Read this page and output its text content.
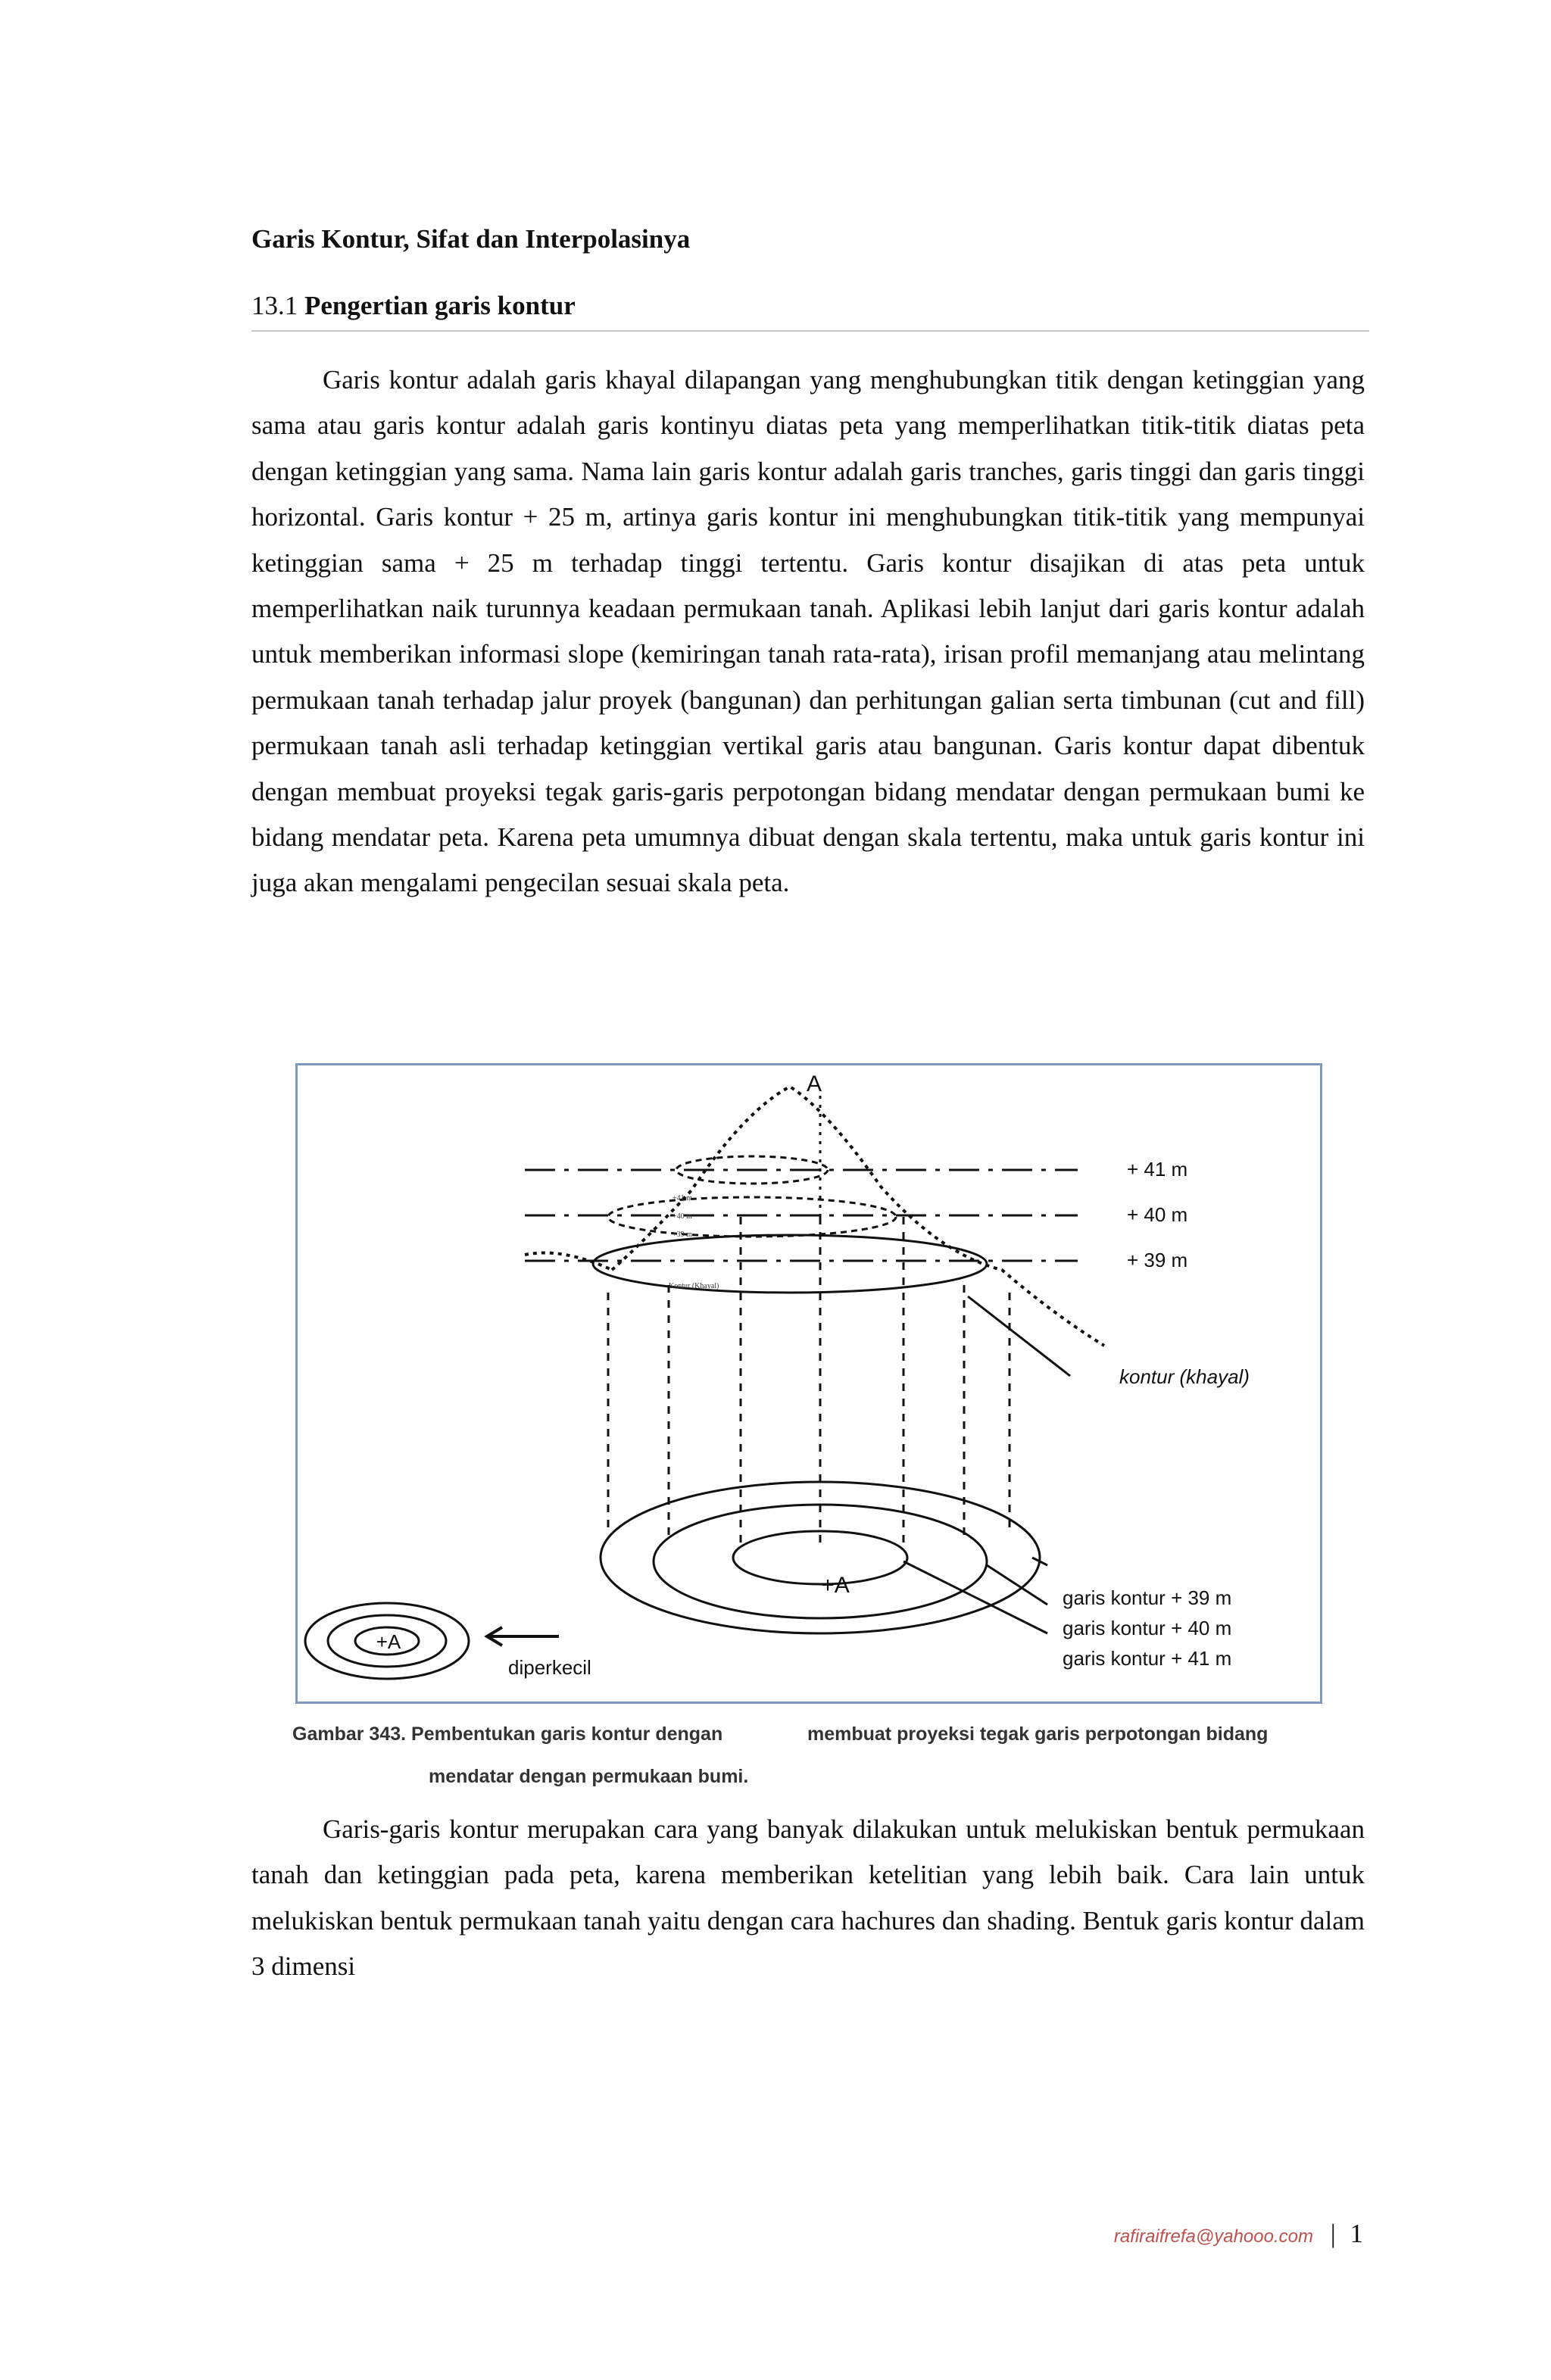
Garis Kontur, Sifat dan Interpolasinya
13.1 Pengertian garis kontur

Garis kontur adalah garis khayal dilapangan yang menghubungkan titik dengan ketinggian yang sama atau garis kontur adalah garis kontinyu diatas peta yang memperlihatkan titik-titik diatas peta dengan ketinggian yang sama. Nama lain garis kontur adalah garis tranches, garis tinggi dan garis tinggi horizontal. Garis kontur + 25 m, artinya garis kontur ini menghubungkan titik-titik yang mempunyai ketinggian sama + 25 m terhadap tinggi tertentu. Garis kontur disajikan di atas peta untuk memperlihatkan naik turunnya keadaan permukaan tanah. Aplikasi lebih lanjut dari garis kontur adalah untuk memberikan informasi slope (kemiringan tanah rata-rata), irisan profil memanjang atau melintang permukaan tanah terhadap jalur proyek (bangunan) dan perhitungan galian serta timbunan (cut and fill) permukaan tanah asli terhadap ketinggian vertikal garis atau bangunan. Garis kontur dapat dibentuk dengan membuat proyeksi tegak garis-garis perpotongan bidang mendatar dengan permukaan bumi ke bidang mendatar peta. Karena peta umumnya dibuat dengan skala tertentu, maka untuk garis kontur ini juga akan mengalami pengecilan sesuai skala peta.

A
+ 41 m
+ 40 m
+ 39 m
+41 m
+40 m
+39 m
Kontur (Khayal)
kontur (khayal)
+A
+A
diperkecil
garis kontur + 39 m
garis kontur + 40 m
garis kontur + 41 m
Gambar 343. Pembentukan garis kontur dengan	membuat proyeksi tegak garis perpotongan bidang
mendatar dengan permukaan bumi.

Garis-garis kontur merupakan cara yang banyak dilakukan untuk melukiskan bentuk permukaan tanah dan ketinggian pada peta, karena memberikan ketelitian yang lebih baik. Cara lain untuk melukiskan bentuk permukaan tanah yaitu dengan cara hachures dan shading. Bentuk garis kontur dalam 3 dimensi

rafiraifrefa@yahooo.com | 1
